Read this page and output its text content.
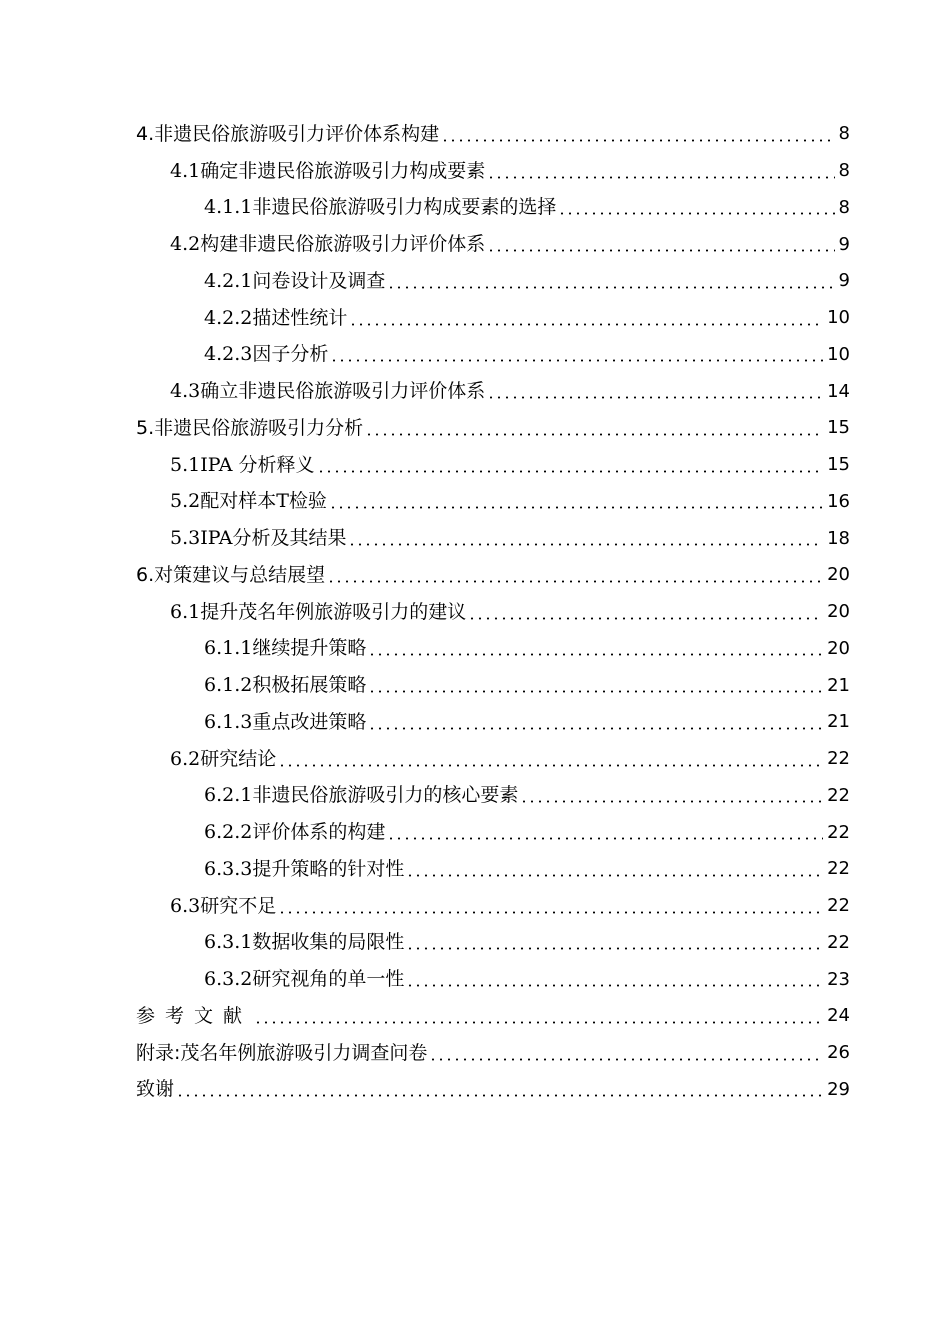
4.非遗民俗旅游吸引力评价体系构建	8
4.1确定非遗民俗旅游吸引力构成要素	8
4.1.1非遗民俗旅游吸引力构成要素的选择	8
4.2构建非遗民俗旅游吸引力评价体系	9
4.2.1问卷设计及调查	9
4.2.2描述性统计	10
4.2.3因子分析	10
4.3确立非遗民俗旅游吸引力评价体系	14
5.非遗民俗旅游吸引力分析	15
5.1IPA 分析释义	15
5.2配对样本T检验	16
5.3IPA分析及其结果	18
6.对策建议与总结展望	20
6.1提升茂名年例旅游吸引力的建议	20
6.1.1继续提升策略	20
6.1.2积极拓展策略	21
6.1.3重点改进策略	21
6.2研究结论	22
6.2.1非遗民俗旅游吸引力的核心要素	22
6.2.2评价体系的构建	22
6.3.3提升策略的针对性	22
6.3研究不足	22
6.3.1数据收集的局限性	22
6.3.2研究视角的单一性	23
参考文献	24
附录:茂名年例旅游吸引力调查问卷	26
致谢	29
